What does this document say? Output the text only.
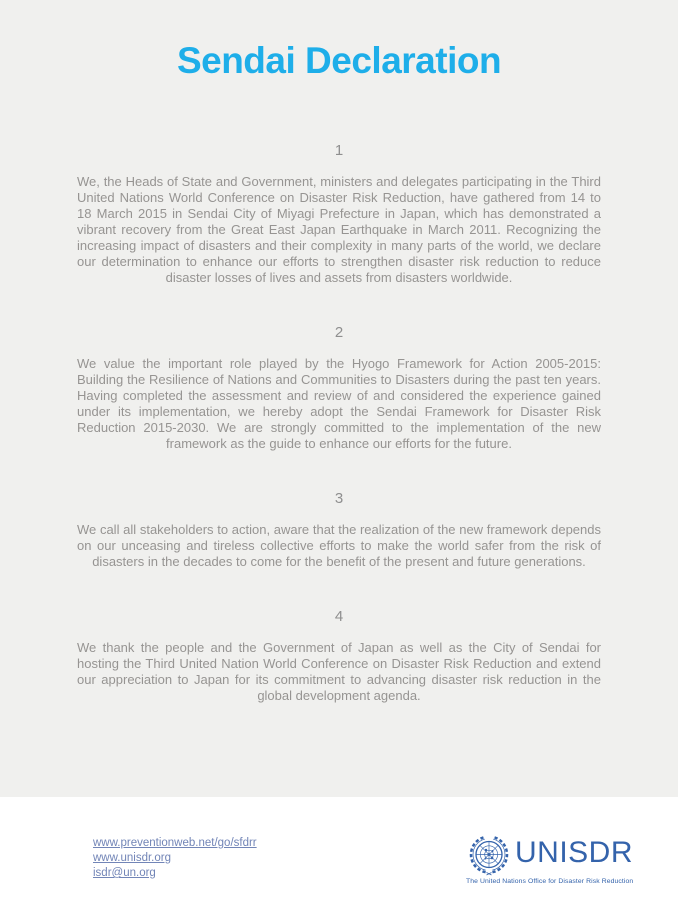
Sendai Declaration
1

We, the Heads of State and Government, ministers and delegates participating in the Third United Nations World Conference on Disaster Risk Reduction, have gathered from 14 to 18 March 2015 in Sendai City of Miyagi Prefecture in Japan, which has demonstrated a vibrant recovery from the Great East Japan Earthquake in March 2011. Recognizing the increasing impact of disasters and their complexity in many parts of the world, we declare our determination to enhance our efforts to strengthen disaster risk reduction to reduce disaster losses of lives and assets from disasters worldwide.

2

We value the important role played by the Hyogo Framework for Action 2005-2015: Building the Resilience of Nations and Communities to Disasters during the past ten years. Having completed the assessment and review of and considered the experience gained under its implementation, we hereby adopt the Sendai Framework for Disaster Risk Reduction 2015-2030. We are strongly committed to the implementation of the new framework as the guide to enhance our efforts for the future.

3

We call all stakeholders to action, aware that the realization of the new framework depends on our unceasing and tireless collective efforts to make the world safer from the risk of disasters in the decades to come for the benefit of the present and future generations.

4

We thank the people and the Government of Japan as well as the City of Sendai for hosting the Third United Nation World Conference on Disaster Risk Reduction and extend our appreciation to Japan for its commitment to advancing disaster risk reduction in the global development agenda.

www.preventionweb.net/go/sfdrr
www.unisdr.org
isdr@un.org
UNISDR
The United Nations Office for Disaster Risk Reduction
